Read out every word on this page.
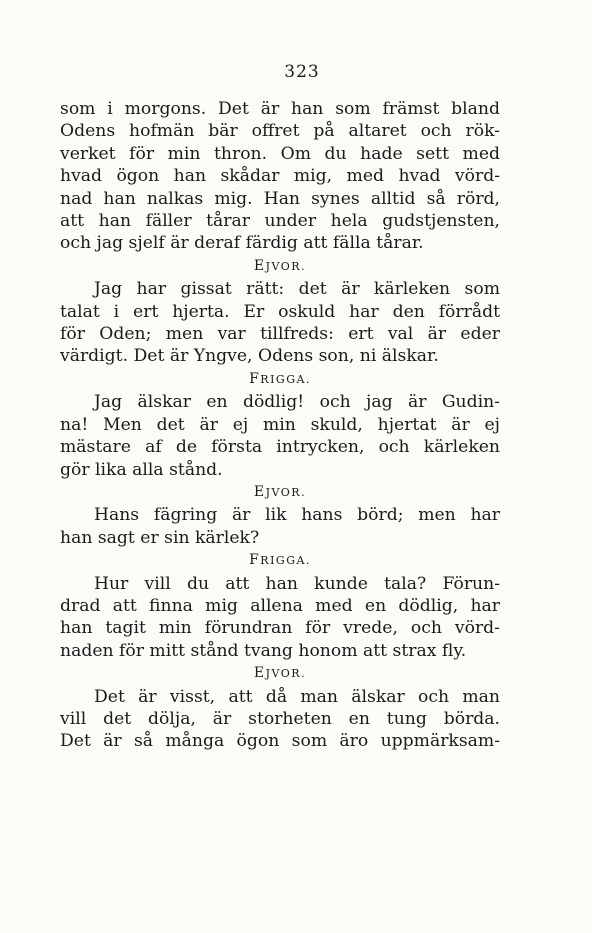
323
som i morgons. Det är han som främst bland
Odens hofmän bär offret på altaret och rök-
verket för min thron. Om du hade sett med
hvad ögon han skådar mig, med hvad vörd-
nad han nalkas mig. Han synes alltid så rörd,
att han fäller tårar under hela gudstjensten,
och jag sjelf är deraf färdig att fälla tårar.
EJVOR.
Jag har gissat rätt: det är kärleken som
talat i ert hjerta. Er oskuld har den förrådt
för Oden; men var tillfreds: ert val är eder
värdigt. Det är Yngve, Odens son, ni älskar.
FRIGGA.
Jag älskar en dödlig! och jag är Gudin-
na! Men det är ej min skuld, hjertat är ej
mästare af de första intrycken, och kärleken
gör lika alla stånd.
EJVOR.
Hans fägring är lik hans börd; men har
han sagt er sin kärlek?
FRIGGA.
Hur vill du att han kunde tala? Förun-
drad att finna mig allena med en dödlig, har
han tagit min förundran för vrede, och vörd-
naden för mitt stånd tvang honom att strax fly.
EJVOR.
Det är visst, att då man älskar och man
vill det dölja, är storheten en tung börda.
Det är så många ögon som äro uppmärksam-
